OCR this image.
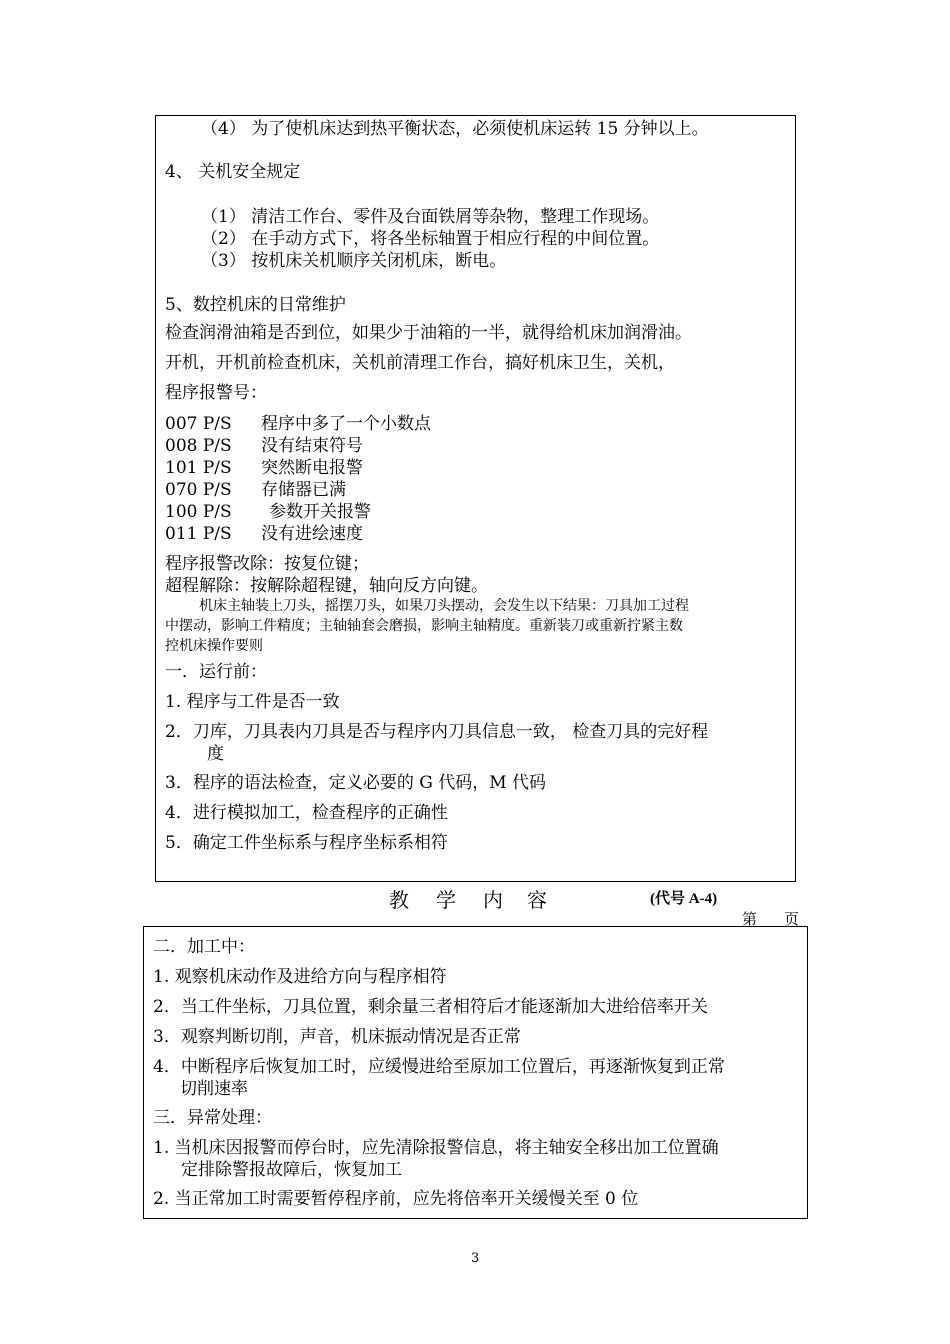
（4） 为了使机床达到热平衡状态，必须使机床运转 15 分钟以上。
4、 关机安全规定
（1） 清洁工作台、零件及台面铁屑等杂物，整理工作现场。
（2） 在手动方式下，将各坐标轴置于相应行程的中间位置。
（3） 按机床关机顺序关闭机床，断电。
5、数控机床的日常维护
检查润滑油箱是否到位，如果少于油箱的一半，就得给机床加润滑油。
开机，开机前检查机床，关机前清理工作台，搞好机床卫生，关机，
程序报警号：
007 P/S 程序中多了一个小数点
008 P/S 没有结束符号
101 P/S 突然断电报警
070 P/S 存储器已满
100 P/S 参数开关报警
011 P/S 没有进绘速度
程序报警改除：按复位键；
超程解除：按解除超程键，轴向反方向键。
机床主轴装上刀头，摇摆刀头，如果刀头摆动，会发生以下结果：刀具加工过程
中摆动，影响工件精度；主轴轴套会磨损，影响主轴精度。重新装刀或重新拧紧主数
控机床操作要则
一．运行前：
1. 程序与工件是否一致
2．刀库，刀具表内刀具是否与程序内刀具信息一致， 检查刀具的完好程
度
3．程序的语法检查，定义必要的 G 代码，M 代码
4．进行模拟加工，检查程序的正确性
5．确定工件坐标系与程序坐标系相符
教 学 内 容	(代号 A-4)
第 页
二．加工中：
1. 观察机床动作及进给方向与程序相符
2．当工件坐标，刀具位置，剩余量三者相符后才能逐渐加大进给倍率开关
3．观察判断切削，声音，机床振动情况是否正常
4．中断程序后恢复加工时，应缓慢进给至原加工位置后，再逐渐恢复到正常
切削速率
三．异常处理：
1. 当机床因报警而停台时，应先清除报警信息，将主轴安全移出加工位置确
定排除警报故障后，恢复加工
2. 当正常加工时需要暂停程序前，应先将倍率开关缓慢关至 0 位
3
